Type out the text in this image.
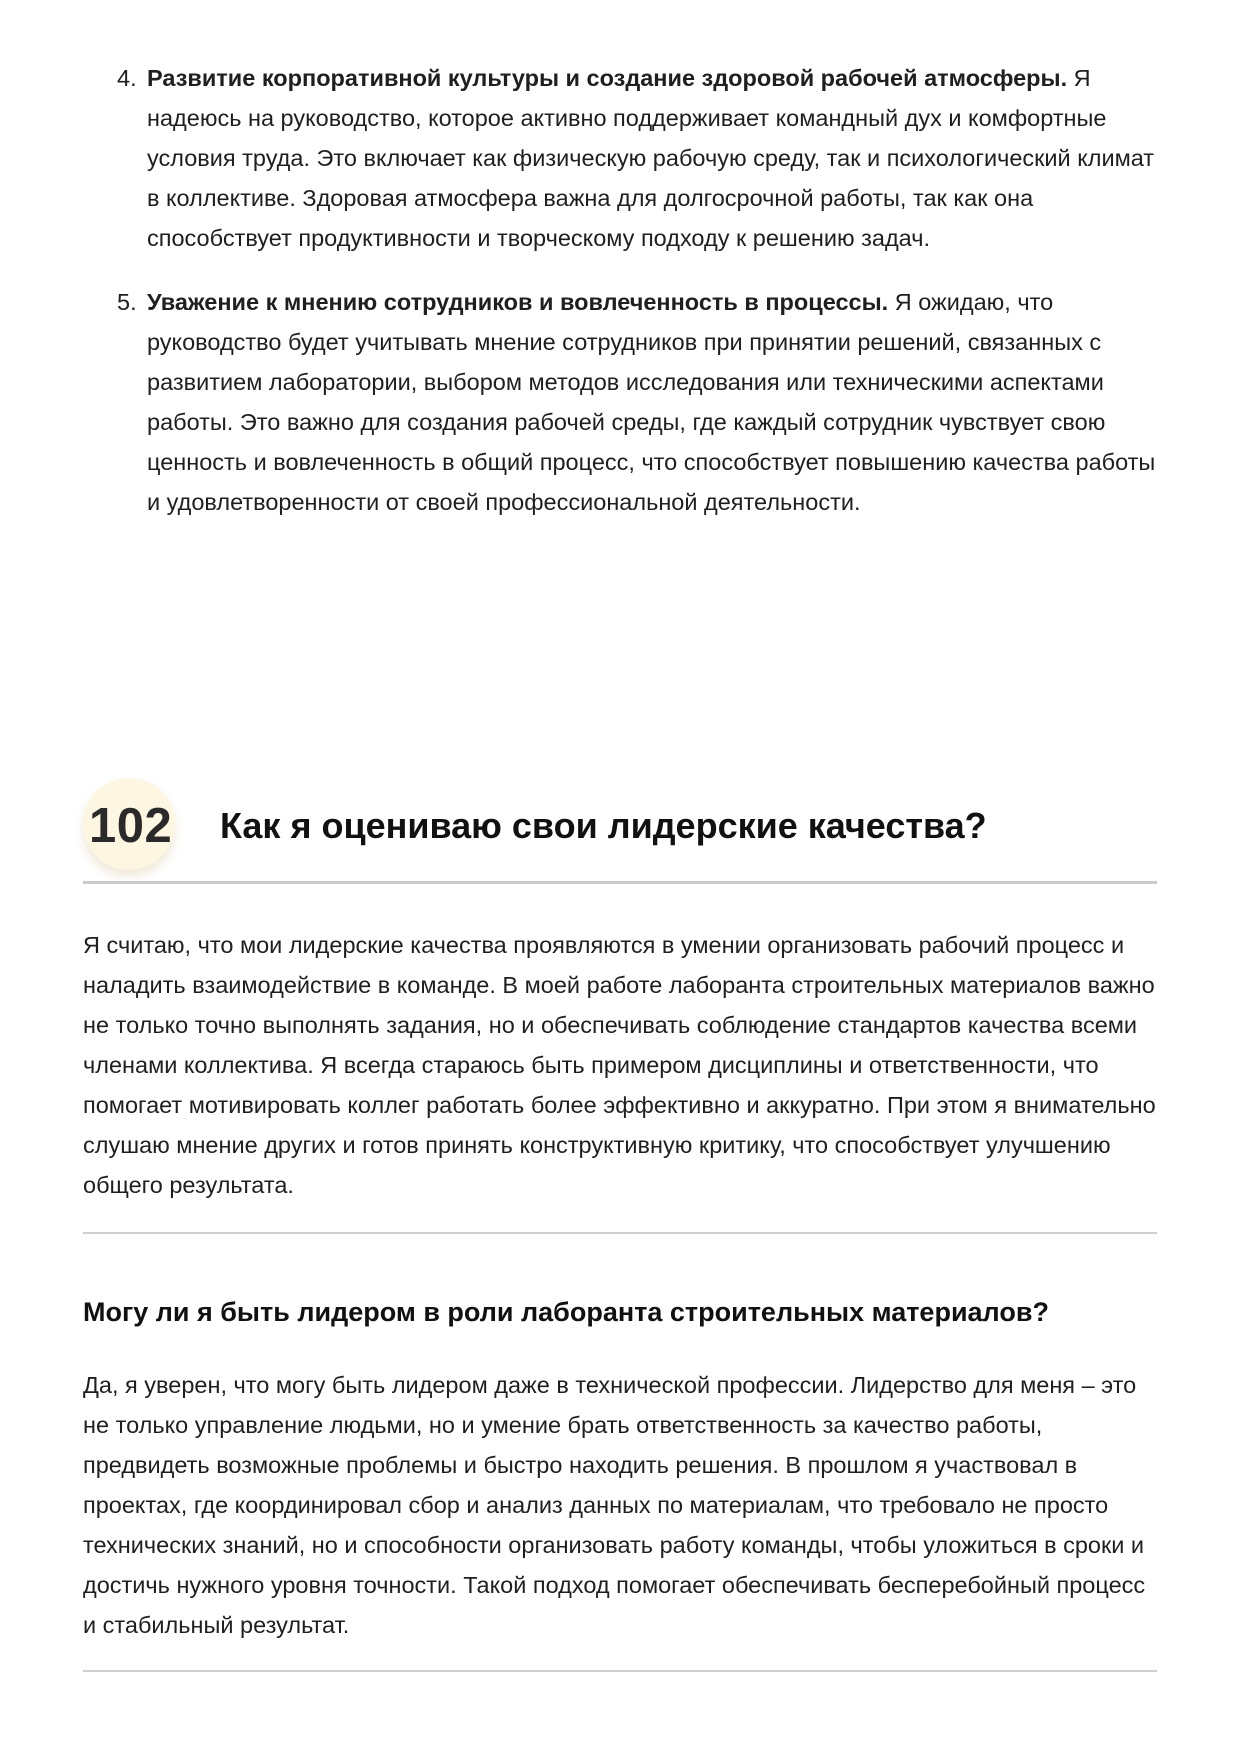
4. Развитие корпоративной культуры и создание здоровой рабочей атмосферы. Я надеюсь на руководство, которое активно поддерживает командный дух и комфортные условия труда. Это включает как физическую рабочую среду, так и психологический климат в коллективе. Здоровая атмосфера важна для долгосрочной работы, так как она способствует продуктивности и творческому подходу к решению задач.
5. Уважение к мнению сотрудников и вовлеченность в процессы. Я ожидаю, что руководство будет учитывать мнение сотрудников при принятии решений, связанных с развитием лаборатории, выбором методов исследования или техническими аспектами работы. Это важно для создания рабочей среды, где каждый сотрудник чувствует свою ценность и вовлеченность в общий процесс, что способствует повышению качества работы и удовлетворенности от своей профессиональной деятельности.
102 Как я оцениваю свои лидерские качества?

Я считаю, что мои лидерские качества проявляются в умении организовать рабочий процесс и наладить взаимодействие в команде. В моей работе лаборанта строительных материалов важно не только точно выполнять задания, но и обеспечивать соблюдение стандартов качества всеми членами коллектива. Я всегда стараюсь быть примером дисциплины и ответственности, что помогает мотивировать коллег работать более эффективно и аккуратно. При этом я внимательно слушаю мнение других и готов принять конструктивную критику, что способствует улучшению общего результата.

Могу ли я быть лидером в роли лаборанта строительных материалов?

Да, я уверен, что могу быть лидером даже в технической профессии. Лидерство для меня – это не только управление людьми, но и умение брать ответственность за качество работы, предвидеть возможные проблемы и быстро находить решения. В прошлом я участвовал в проектах, где координировал сбор и анализ данных по материалам, что требовало не просто технических знаний, но и способности организовать работу команды, чтобы уложиться в сроки и достичь нужного уровня точности. Такой подход помогает обеспечивать бесперебойный процесс и стабильный результат.
